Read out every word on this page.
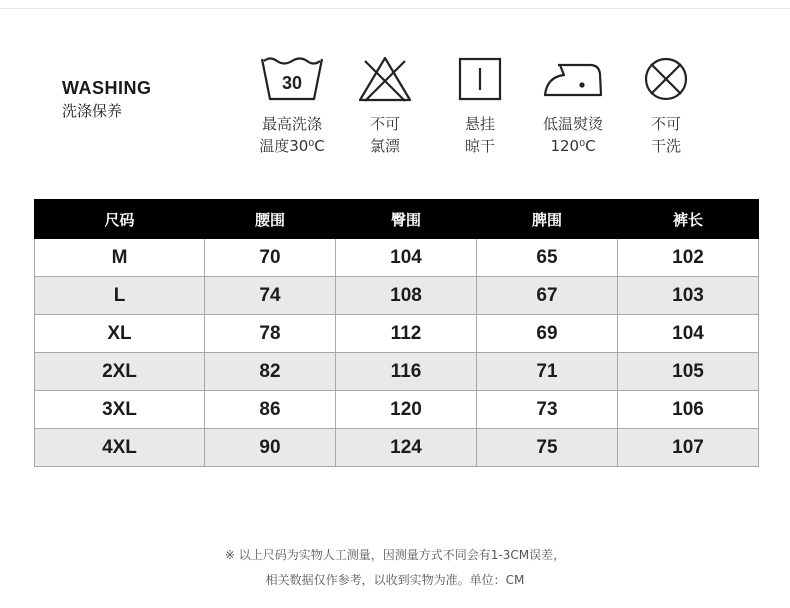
WASHING
洗涤保养
30
最高洗涤
温度30⁰C
不可
氯漂
悬挂
晾干
低温熨烫
120⁰C
不可
干洗
尺码	腰围	臀围	脾围	裤长
M	70	104	65	102
L	74	108	67	103
XL	78	112	69	104
2XL	82	116	71	105
3XL	86	120	73	106
4XL	90	124	75	107
※ 以上尺码为实物人工测量，因测量方式不同会有1-3CM误差，
相关数据仅作参考，以收到实物为准。单位：CM
